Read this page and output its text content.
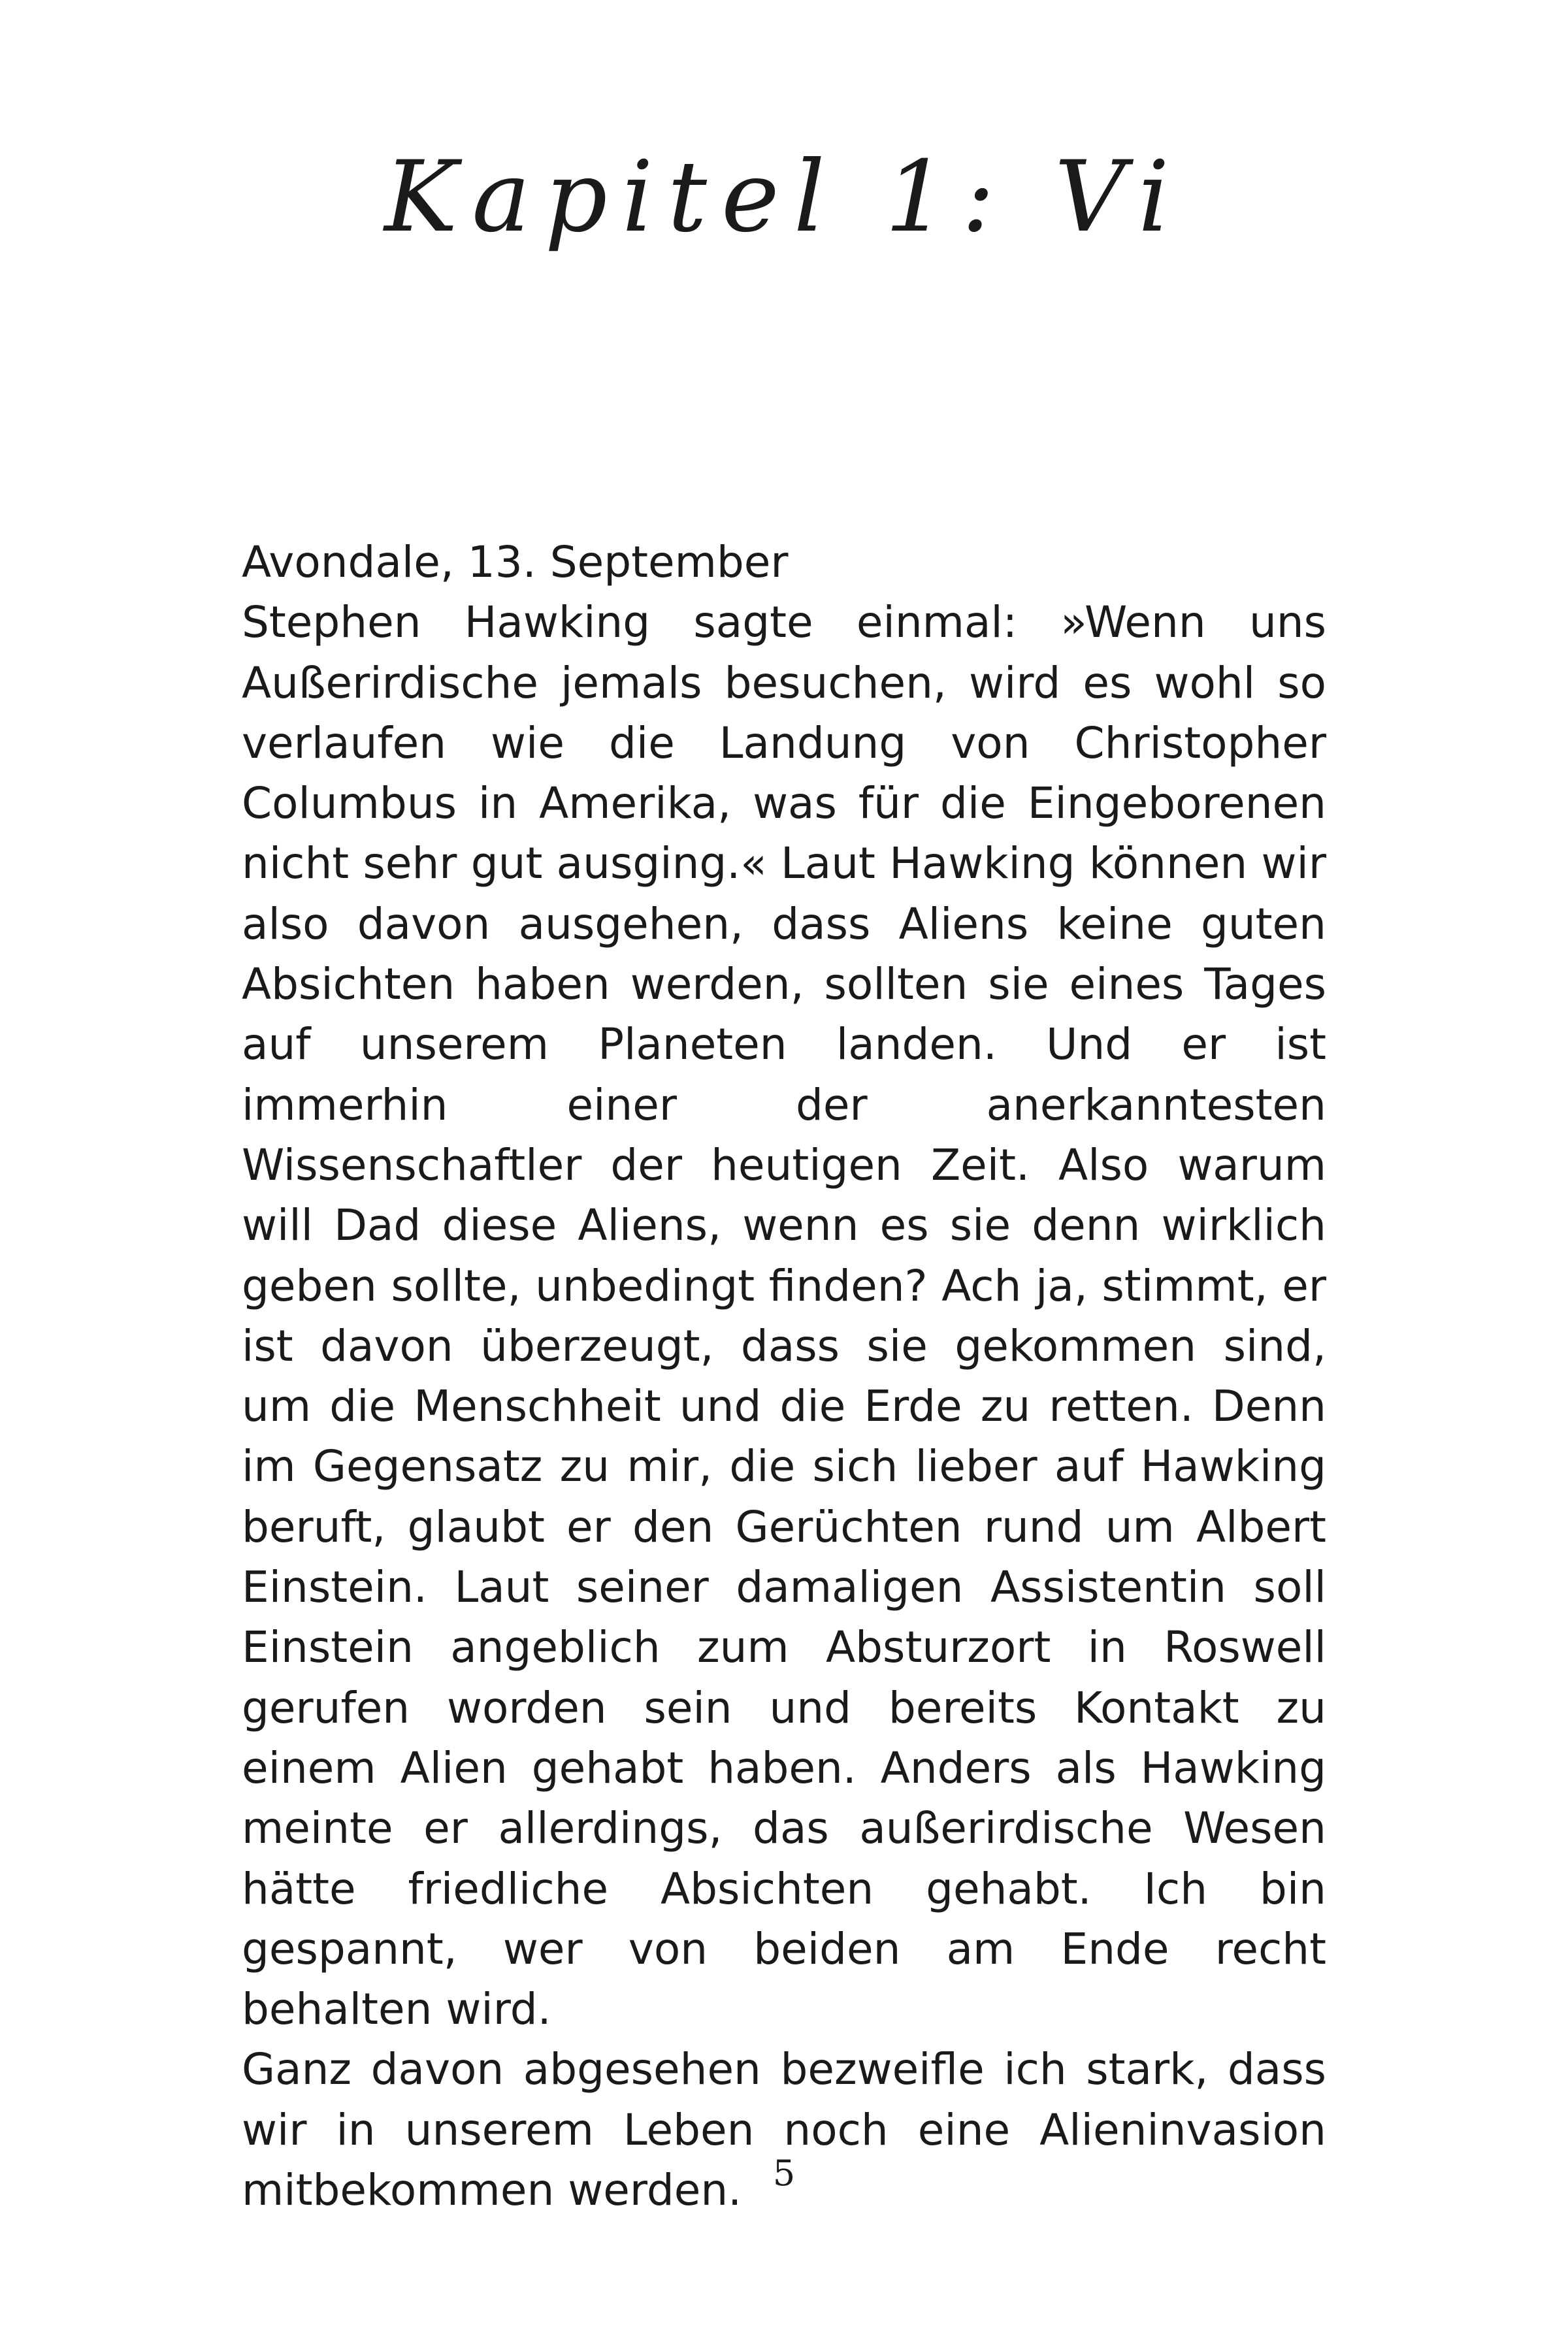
Kapitel 1: Vi

Avondale, 13. September

Stephen Hawking sagte einmal: »Wenn uns Außerirdische jemals besuchen, wird es wohl so verlaufen wie die Landung von Christopher Columbus in Amerika, was für die Eingeborenen nicht sehr gut ausging.« Laut Hawking können wir also davon ausgehen, dass Aliens keine guten Absichten haben werden, sollten sie eines Tages auf unserem Planeten landen. Und er ist immerhin einer der anerkanntesten Wissenschaftler der heutigen Zeit. Also warum will Dad diese Aliens, wenn es sie denn wirklich geben sollte, unbedingt finden? Ach ja, stimmt, er ist davon überzeugt, dass sie gekommen sind, um die Menschheit und die Erde zu retten. Denn im Gegensatz zu mir, die sich lieber auf Hawking beruft, glaubt er den Gerüchten rund um Albert Einstein. Laut seiner damaligen Assistentin soll Einstein angeblich zum Absturzort in Roswell gerufen worden sein und bereits Kontakt zu einem Alien gehabt haben. Anders als Hawking meinte er allerdings, das außerirdische Wesen hätte friedliche Absichten gehabt. Ich bin gespannt, wer von beiden am Ende recht behalten wird.

Ganz davon abgesehen bezweifle ich stark, dass wir in unserem Leben noch eine Alieninvasion mitbekommen werden. 5
